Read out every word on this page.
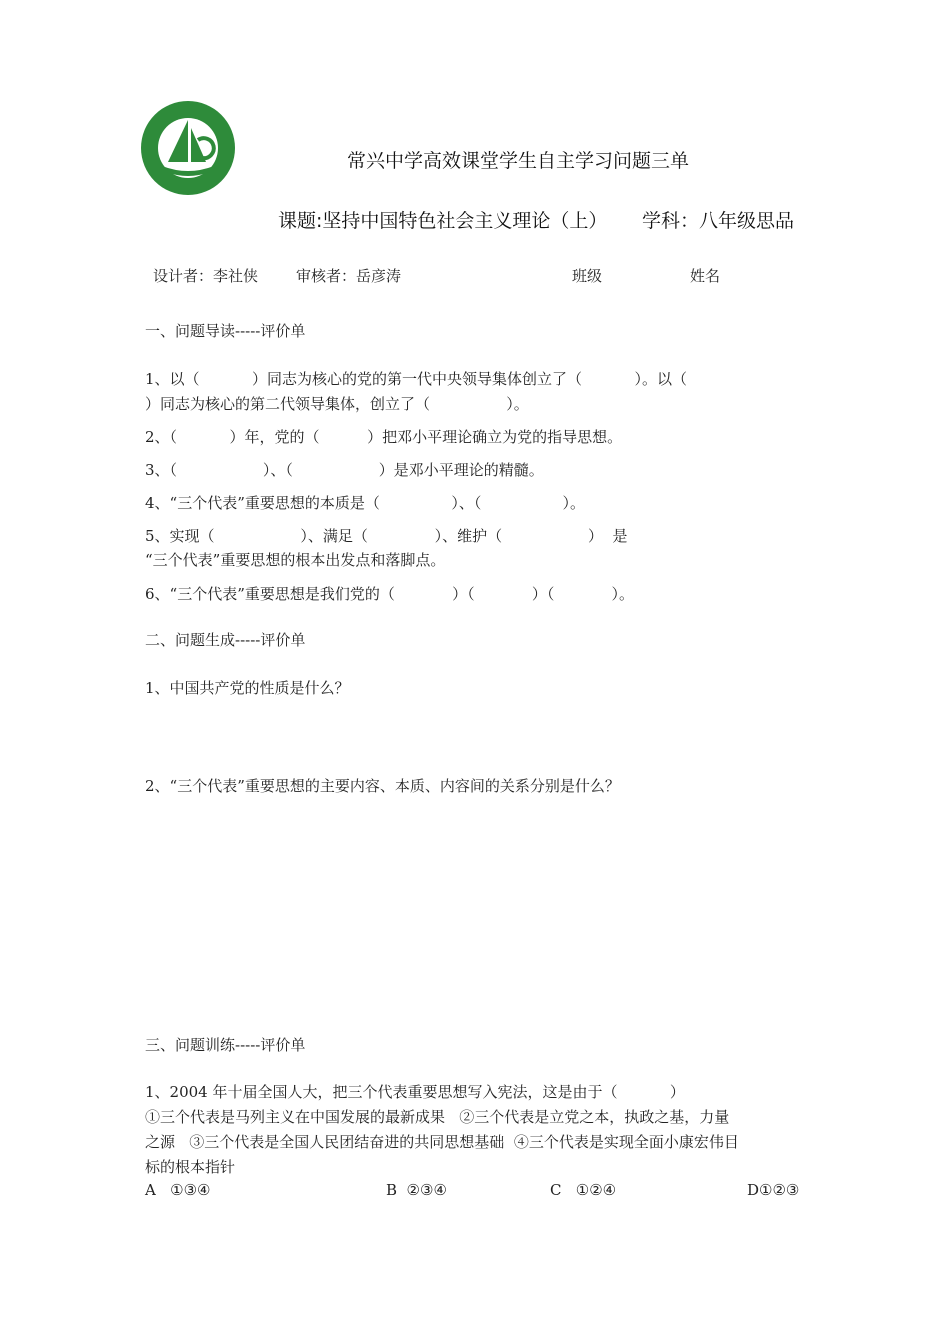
常兴中学高效课堂学生自主学习问题三单
课题:坚持中国特色社会主义理论（上） 学科：八年级思品
设计者：李社侠	审核者：岳彦涛	班级	姓名
一、问题导读-----评价单
1、以（           ）同志为核心的党的第一代中央领导集体创立了（           ）。以（
）同志为核心的第二代领导集体，创立了（                ）。
2、（           ）年，党的（          ）把邓小平理论确立为党的指导思想。
3、（                  ）、（                  ）是邓小平理论的精髓。
4、“三个代表”重要思想的本质是（               ）、（                 ）。
5、实现（                  ）、满足（              ）、维护（                  ）  是
“三个代表”重要思想的根本出发点和落脚点。
6、“三个代表”重要思想是我们党的（            ）（            ）（            ）。
二、问题生成-----评价单
1、中国共产党的性质是什么？
2、“三个代表”重要思想的主要内容、本质、内容间的关系分别是什么？
三、问题训练-----评价单
1、2004 年十届全国人大，把三个代表重要思想写入宪法，这是由于（           ）
①三个代表是马列主义在中国发展的最新成果   ②三个代表是立党之本，执政之基，力量
之源   ③三个代表是全国人民团结奋进的共同思想基础  ④三个代表是实现全面小康宏伟目
标的根本指针
A   ①③④	B  ②③④	C   ①②④	D①②③
